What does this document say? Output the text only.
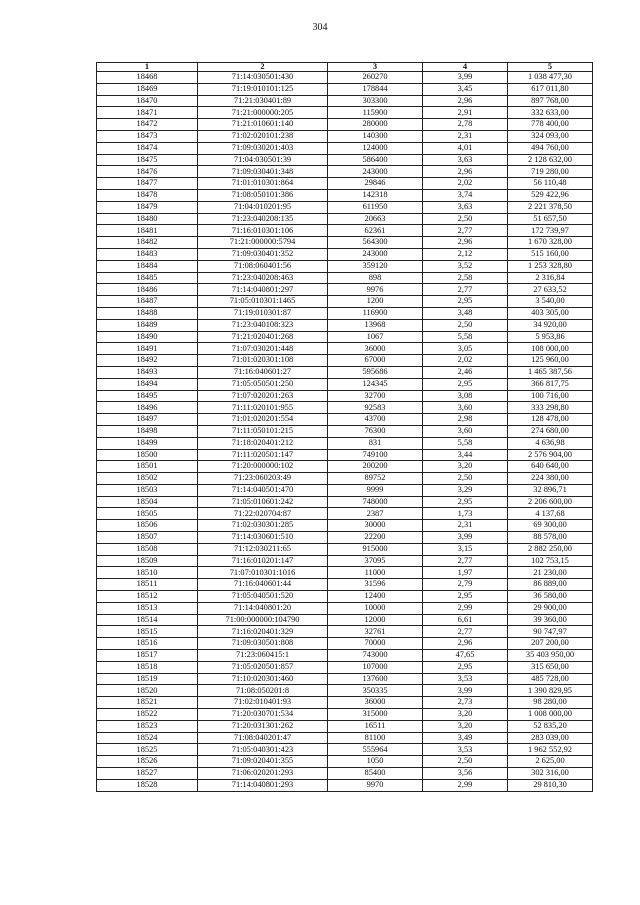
304
1	2	3	4	5
18468	71:14:030501:430	260270	3,99	1 038 477,30
18469	71:19:010101:125	178844	3,45	617 011,80
18470	71:21:030401:89	303300	2,96	897 768,00
18471	71:21:000000:205	115900	2,91	332 633,00
18472	71:21:010601:140	280000	2,78	778 400,00
18473	71:02:020101:238	140300	2,31	324 093,00
18474	71:09:030201:403	124000	4,01	494 760,00
18475	71:04:030501:39	586400	3,63	2 128 632,00
18476	71:09:030401:348	243000	2,96	719 280,00
18477	71:01:010301:864	29846	2,02	56 110,48
18478	71:08:050101:386	142318	3,74	529 422,96
18479	71:04:010201:95	611950	3,63	2 221 378,50
18480	71:23:040208:135	20663	2,50	51 657,50
18481	71:16:010301:106	62361	2,77	172 739,97
18482	71:21:000000:5794	564300	2,96	1 670 328,00
18483	71:09:030401:352	243000	2,12	515 160,00
18484	71:08:060401:56	359120	3,52	1 253 328,80
18485	71:23:040208:463	898	2,58	2 316,84
18486	71:14:040801:297	9976	2,77	27 633,52
18487	71:05:010301:1465	1200	2,95	3 540,00
18488	71:19:010301:87	116900	3,48	403 305,00
18489	71:23:040108:323	13968	2,50	34 920,00
18490	71:21:020401:268	1067	5,58	5 953,86
18491	71:07:030201:448	36000	3,05	108 000,00
18492	71:01:020301:108	67000	2,02	125 960,00
18493	71:16:040601:27	595686	2,46	1 465 387,56
18494	71:05:050501:250	124345	2,95	366 817,75
18495	71:07:020201:263	32700	3,08	100 716,00
18496	71:11:020101:955	92583	3,60	333 298,80
18497	71:01:020201:554	43700	2,98	128 478,00
18498	71:11:050101:215	76300	3,60	274 680,00
18499	71:18:020401:212	831	5,58	4 636,98
18500	71:11:020501:147	749100	3,44	2 576 904,00
18501	71:20:000000:102	200200	3,20	640 640,00
18502	71:23:060203:49	89752	2,50	224 380,00
18503	71:14:040501:470	9999	3,29	32 896,71
18504	71:05:010601:242	748000	2,95	2 206 600,00
18505	71:22:020704:87	2387	1,73	4 137,68
18506	71:02:030301:285	30000	2,31	69 300,00
18507	71:14:030601:510	22200	3,99	88 578,00
18508	71:12:030211:65	915000	3,15	2 882 250,00
18509	71:16:010201:147	37095	2,77	102 753,15
18510	71:07:010301:1016	11000	1,97	21 230,00
18511	71:16:040601:44	31596	2,79	86 889,00
18512	71:05:040501:520	12400	2,95	36 580,00
18513	71:14:040801:20	10000	2,99	29 900,00
18514	71:00:000000:104790	12000	6,61	39 360,00
18515	71:16:020401:329	32761	2,77	90 747,97
18516	71:09:030501:808	70000	2,96	207 200,00
18517	71:23:060415:1	743000	47,65	35 403 950,00
18518	71:05:020501:857	107000	2,95	315 650,00
18519	71:10:020301:460	137600	3,53	485 728,00
18520	71:08:050201:8	350335	3,99	1 390 829,95
18521	71:02:010401:93	36000	2,73	98 280,00
18522	71:20:030701:534	315000	3,20	1 008 000,00
18523	71:20:031301:262	16511	3,20	52 835,20
18524	71:08:040201:47	81100	3,49	283 039,00
18525	71:05:040301:423	555964	3,53	1 962 552,92
18526	71:09:020401:355	1050	2,50	2 625,00
18527	71:06:020201:293	85400	3,56	302 316,00
18528	71:14:040801:293	9970	2,99	29 810,30
